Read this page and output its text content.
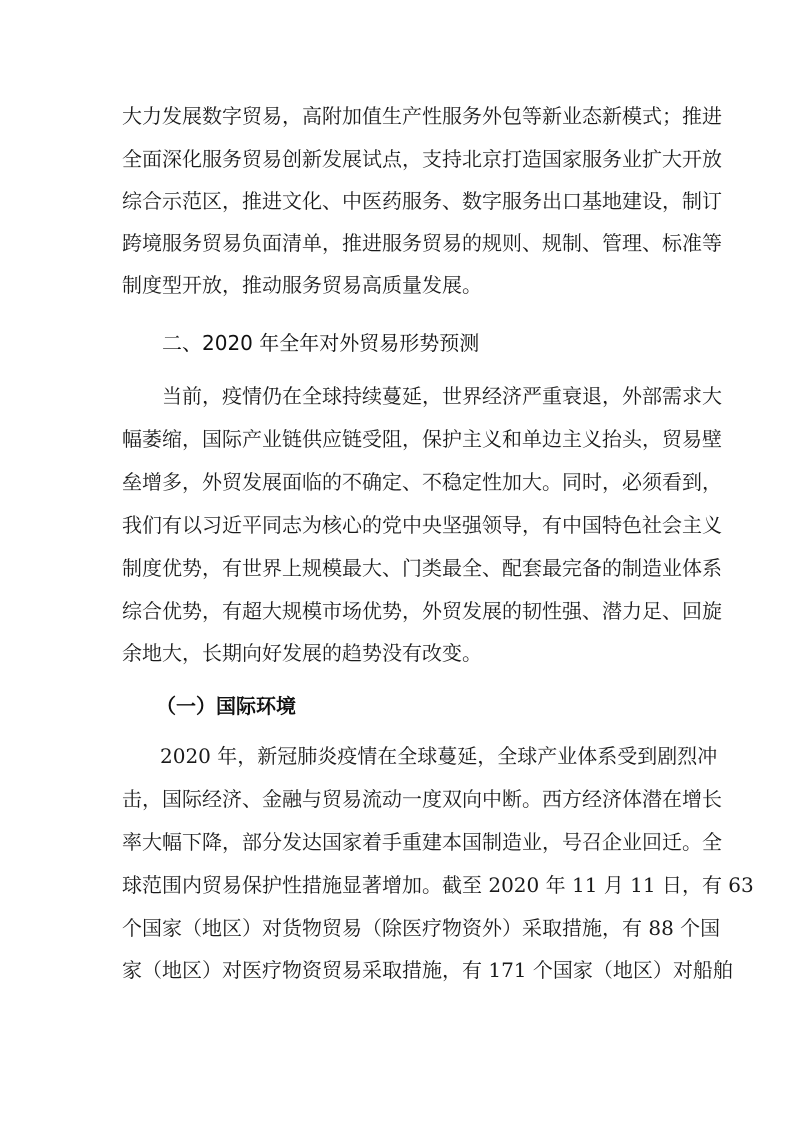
大力发展数字贸易，高附加值生产性服务外包等新业态新模式；推进
全面深化服务贸易创新发展试点，支持北京打造国家服务业扩大开放
综合示范区，推进文化、中医药服务、数字服务出口基地建设，制订
跨境服务贸易负面清单，推进服务贸易的规则、规制、管理、标准等
制度型开放，推动服务贸易高质量发展。
二、2020 年全年对外贸易形势预测
当前，疫情仍在全球持续蔓延，世界经济严重衰退，外部需求大
幅萎缩，国际产业链供应链受阻，保护主义和单边主义抬头，贸易壁
垒增多，外贸发展面临的不确定、不稳定性加大。同时，必须看到，
我们有以习近平同志为核心的党中央坚强领导，有中国特色社会主义
制度优势，有世界上规模最大、门类最全、配套最完备的制造业体系
综合优势，有超大规模市场优势，外贸发展的韧性强、潜力足、回旋
余地大，长期向好发展的趋势没有改变。
（一）国际环境
2020 年，新冠肺炎疫情在全球蔓延，全球产业体系受到剧烈冲
击，国际经济、金融与贸易流动一度双向中断。西方经济体潜在增长
率大幅下降，部分发达国家着手重建本国制造业，号召企业回迁。全
球范围内贸易保护性措施显著增加。截至 2020 年 11 月 11 日，有 63
个国家（地区）对货物贸易（除医疗物资外）采取措施，有 88 个国
家（地区）对医疗物资贸易采取措施，有 171 个国家（地区）对船舶
